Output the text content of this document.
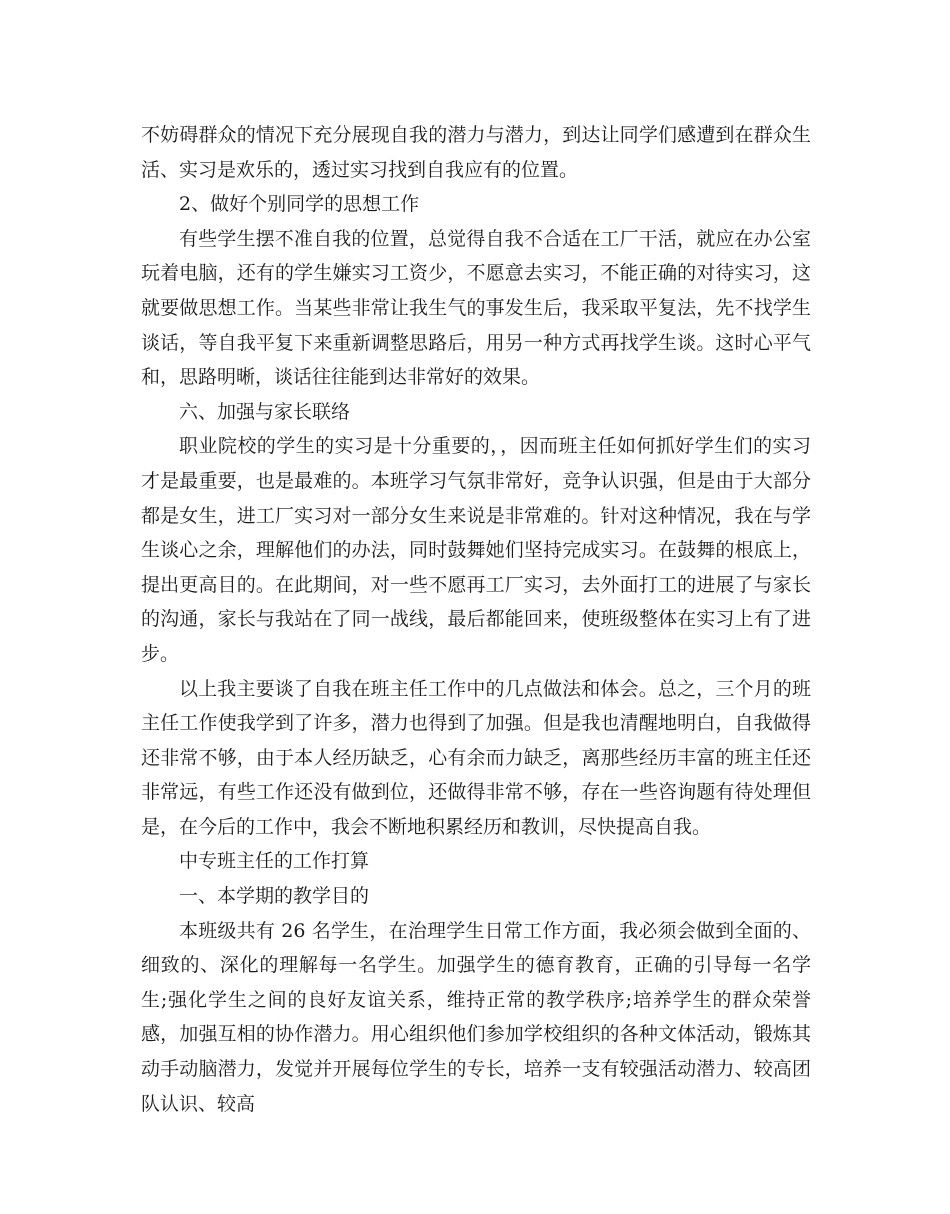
不妨碍群众的情况下充分展现自我的潜力与潜力，到达让同学们感遭到在群众生活、实习是欢乐的，透过实习找到自我应有的位置。

2、做好个别同学的思想工作

有些学生摆不准自我的位置，总觉得自我不合适在工厂干活，就应在办公室玩着电脑，还有的学生嫌实习工资少，不愿意去实习，不能正确的对待实习，这就要做思想工作。当某些非常让我生气的事发生后，我采取平复法，先不找学生谈话，等自我平复下来重新调整思路后，用另一种方式再找学生谈。这时心平气和，思路明晰，谈话往往能到达非常好的效果。

六、加强与家长联络

职业院校的学生的实习是十分重要的，，因而班主任如何抓好学生们的实习才是最重要，也是最难的。本班学习气氛非常好，竞争认识强，但是由于大部分都是女生，进工厂实习对一部分女生来说是非常难的。针对这种情况，我在与学生谈心之余，理解他们的办法，同时鼓舞她们坚持完成实习。在鼓舞的根底上，提出更高目的。在此期间，对一些不愿再工厂实习，去外面打工的进展了与家长的沟通，家长与我站在了同一战线，最后都能回来，使班级整体在实习上有了进步。

以上我主要谈了自我在班主任工作中的几点做法和体会。总之，三个月的班主任工作使我学到了许多，潜力也得到了加强。但是我也清醒地明白，自我做得还非常不够，由于本人经历缺乏，心有余而力缺乏，离那些经历丰富的班主任还非常远，有些工作还没有做到位，还做得非常不够，存在一些咨询题有待处理但是，在今后的工作中，我会不断地积累经历和教训，尽快提高自我。

中专班主任的工作打算

一、本学期的教学目的

本班级共有 26 名学生，在治理学生日常工作方面，我必须会做到全面的、细致的、深化的理解每一名学生。加强学生的德育教育，正确的引导每一名学生;强化学生之间的良好友谊关系，维持正常的教学秩序;培养学生的群众荣誉感，加强互相的协作潜力。用心组织他们参加学校组织的各种文体活动，锻炼其动手动脑潜力，发觉并开展每位学生的专长，培养一支有较强活动潜力、较高团队认识、较高
